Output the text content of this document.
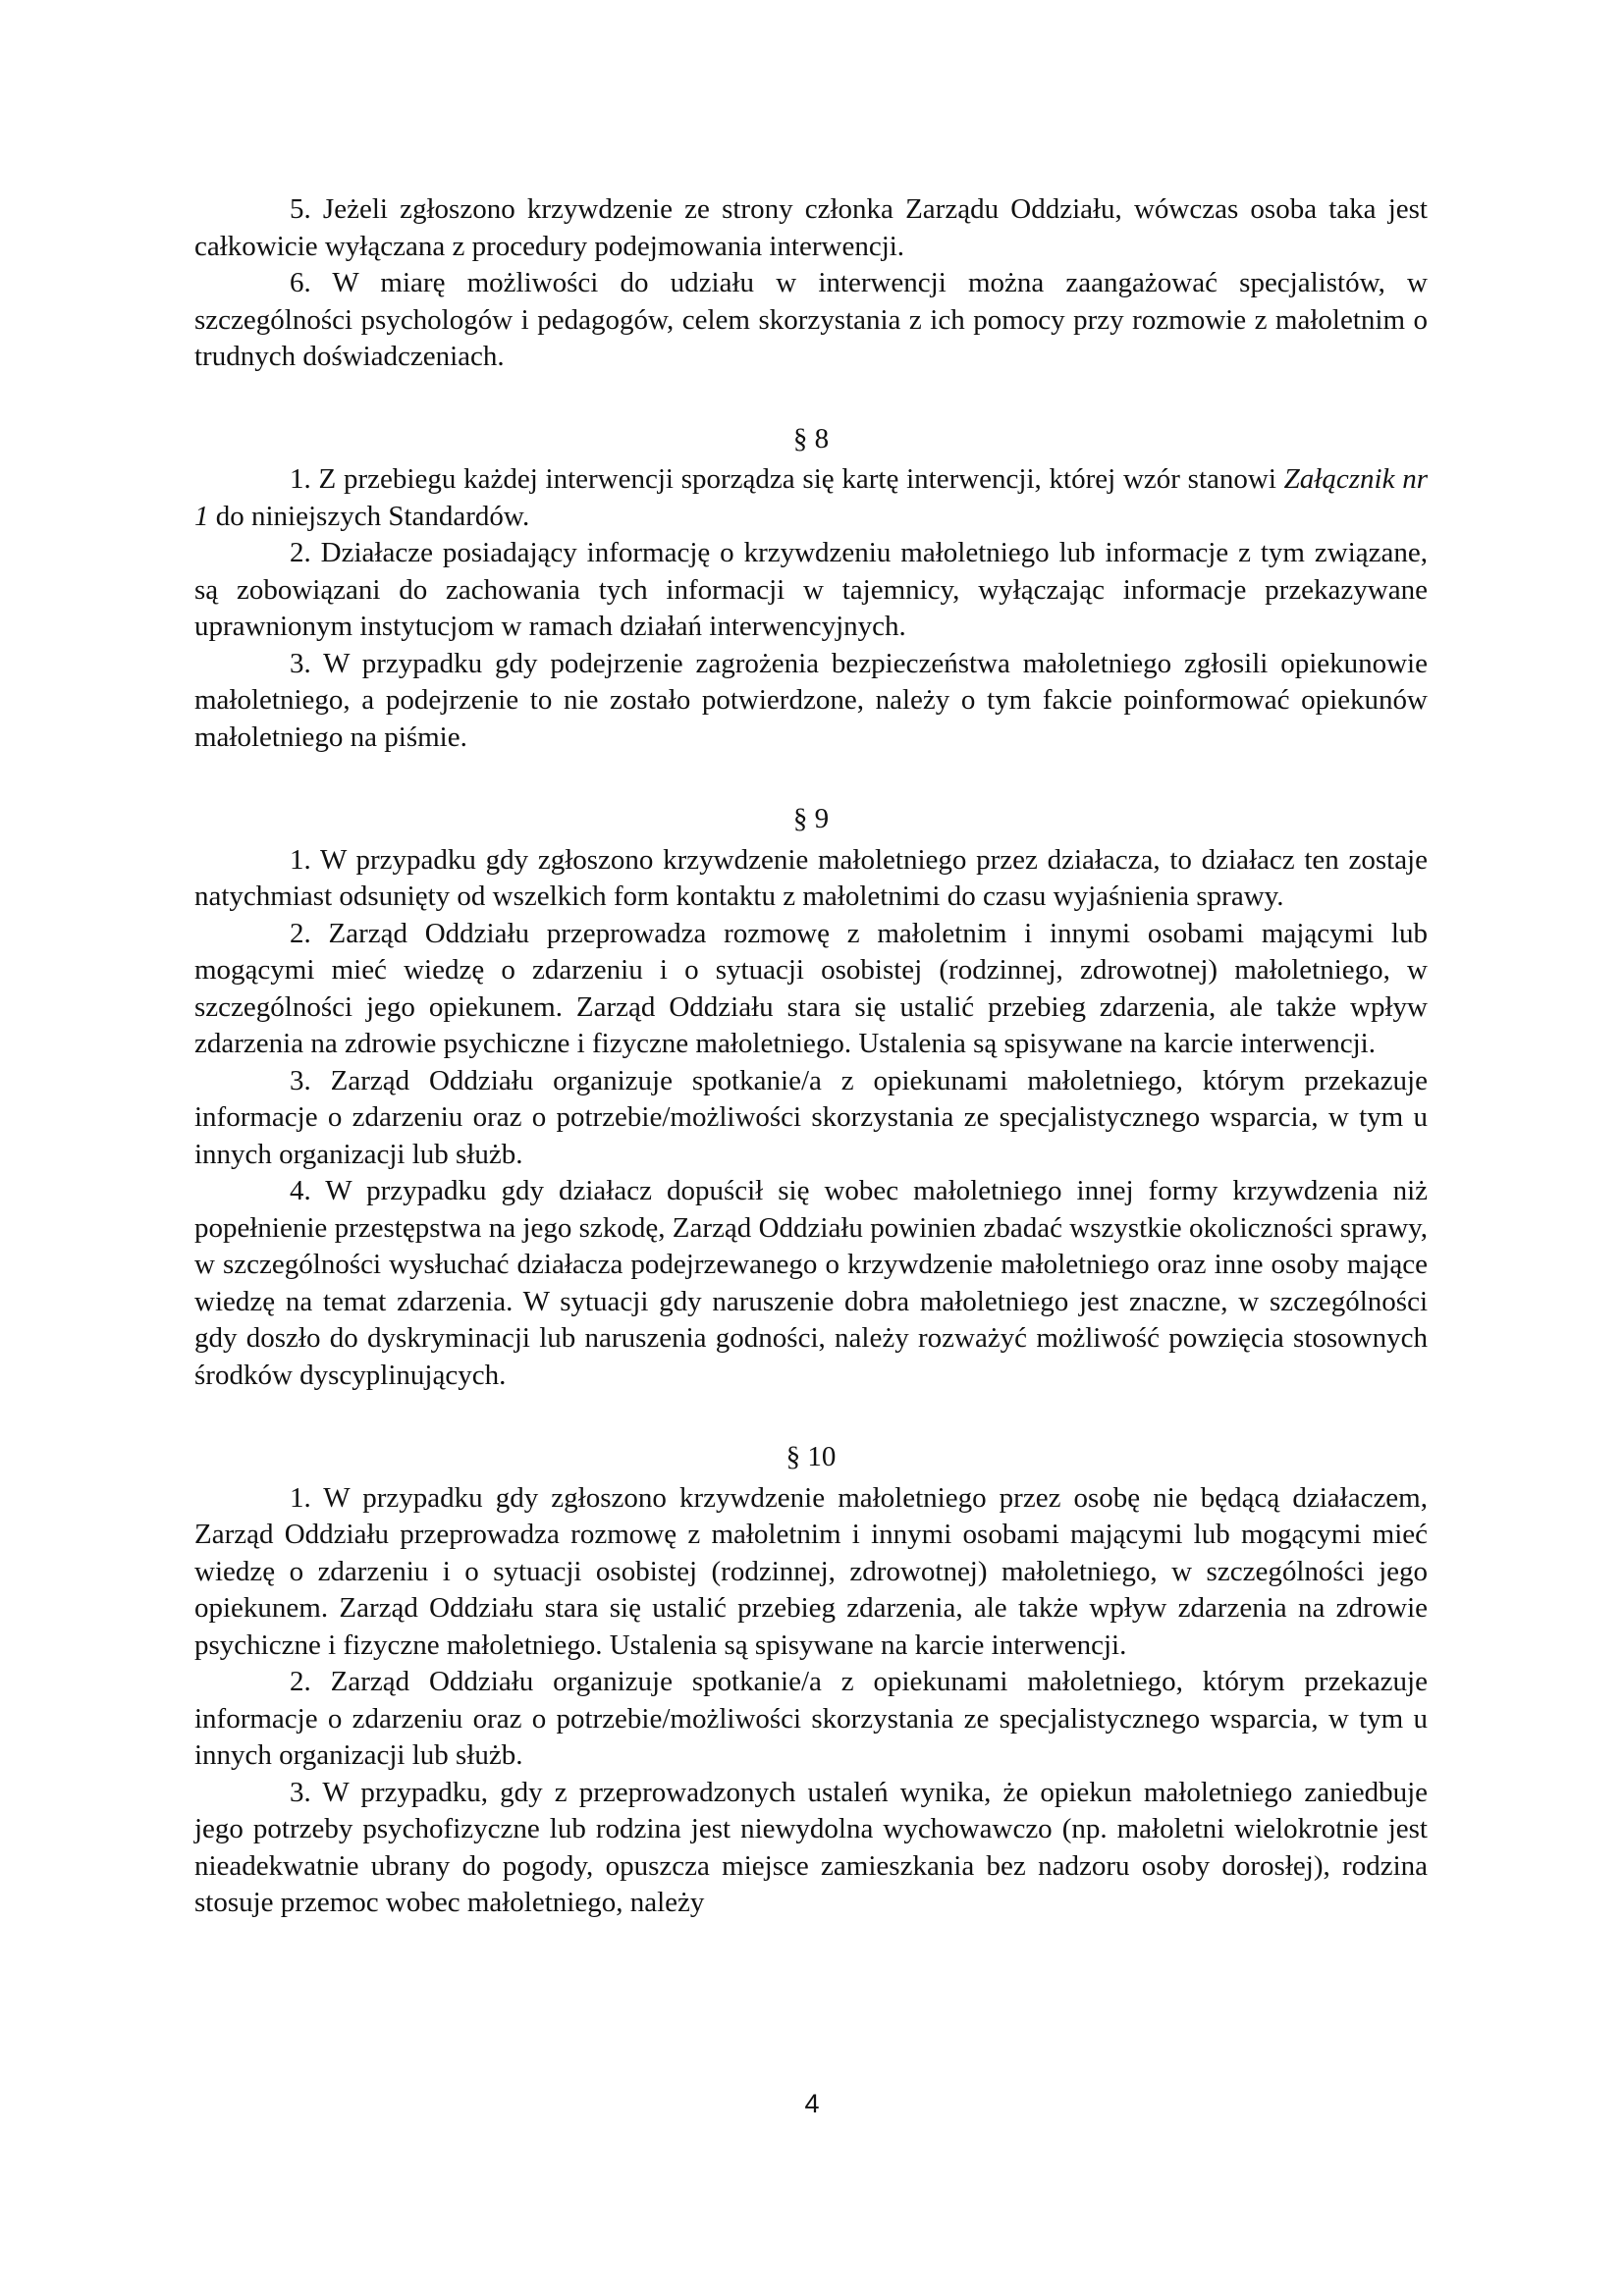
5. Jeżeli zgłoszono krzywdzenie ze strony członka Zarządu Oddziału, wówczas osoba taka jest całkowicie wyłączana z procedury podejmowania interwencji.

6. W miarę możliwości do udziału w interwencji można zaangażować specjalistów, w szczególności psychologów i pedagogów, celem skorzystania z ich pomocy przy rozmowie z małoletnim o trudnych doświadczeniach.

§ 8

1. Z przebiegu każdej interwencji sporządza się kartę interwencji, której wzór stanowi Załącznik nr 1 do niniejszych Standardów.

2. Działacze posiadający informację o krzywdzeniu małoletniego lub informacje z tym związane, są zobowiązani do zachowania tych informacji w tajemnicy, wyłączając informacje przekazywane uprawnionym instytucjom w ramach działań interwencyjnych.

3. W przypadku gdy podejrzenie zagrożenia bezpieczeństwa małoletniego zgłosili opiekunowie małoletniego, a podejrzenie to nie zostało potwierdzone, należy o tym fakcie poinformować opiekunów małoletniego na piśmie.

§ 9

1. W przypadku gdy zgłoszono krzywdzenie małoletniego przez działacza, to działacz ten zostaje natychmiast odsunięty od wszelkich form kontaktu z małoletnimi do czasu wyjaśnienia sprawy.

2. Zarząd Oddziału przeprowadza rozmowę z małoletnim i innymi osobami mającymi lub mogącymi mieć wiedzę o zdarzeniu i o sytuacji osobistej (rodzinnej, zdrowotnej) małoletniego, w szczególności jego opiekunem. Zarząd Oddziału stara się ustalić przebieg zdarzenia, ale także wpływ zdarzenia na zdrowie psychiczne i fizyczne małoletniego. Ustalenia są spisywane na karcie interwencji.

3. Zarząd Oddziału organizuje spotkanie/a z opiekunami małoletniego, którym przekazuje informacje o zdarzeniu oraz o potrzebie/możliwości skorzystania ze specjalistycznego wsparcia, w tym u innych organizacji lub służb.

4. W przypadku gdy działacz dopuścił się wobec małoletniego innej formy krzywdzenia niż popełnienie przestępstwa na jego szkodę, Zarząd Oddziału powinien zbadać wszystkie okoliczności sprawy, w szczególności wysłuchać działacza podejrzewanego o krzywdzenie małoletniego oraz inne osoby mające wiedzę na temat zdarzenia. W sytuacji gdy naruszenie dobra małoletniego jest znaczne, w szczególności gdy doszło do dyskryminacji lub naruszenia godności, należy rozważyć możliwość powzięcia stosownych środków dyscyplinujących.

§ 10

1. W przypadku gdy zgłoszono krzywdzenie małoletniego przez osobę nie będącą działaczem, Zarząd Oddziału przeprowadza rozmowę z małoletnim i innymi osobami mającymi lub mogącymi mieć wiedzę o zdarzeniu i o sytuacji osobistej (rodzinnej, zdrowotnej) małoletniego, w szczególności jego opiekunem. Zarząd Oddziału stara się ustalić przebieg zdarzenia, ale także wpływ zdarzenia na zdrowie psychiczne i fizyczne małoletniego. Ustalenia są spisywane na karcie interwencji.

2. Zarząd Oddziału organizuje spotkanie/a z opiekunami małoletniego, którym przekazuje informacje o zdarzeniu oraz o potrzebie/możliwości skorzystania ze specjalistycznego wsparcia, w tym u innych organizacji lub służb.

3. W przypadku, gdy z przeprowadzonych ustaleń wynika, że opiekun małoletniego zaniedbuje jego potrzeby psychofizyczne lub rodzina jest niewydolna wychowawczo (np. małoletni wielokrotnie jest nieadekwatnie ubrany do pogody, opuszcza miejsce zamieszkania bez nadzoru osoby dorosłej), rodzina stosuje przemoc wobec małoletniego, należy

4
